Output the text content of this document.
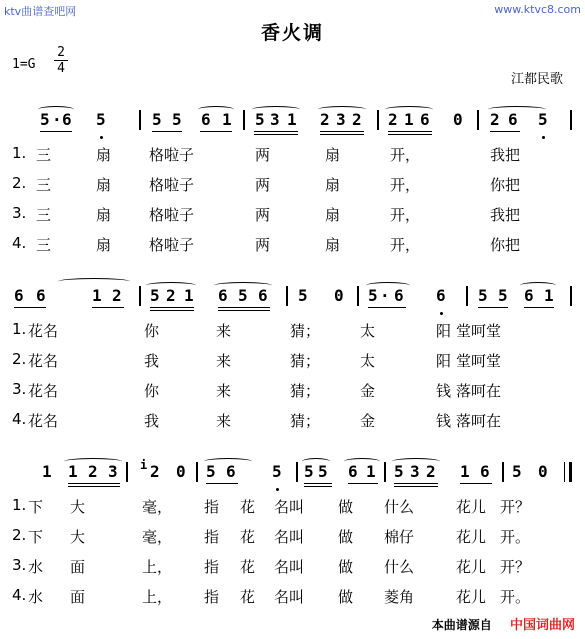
ktv曲谱查吧网	www.ktvc8.com
香火调
1=G
2
4
江都民歌
5 · 6 5	5 5 6 1 5 3 1 2 3 2 2 1 6 0 2 6 5
1. 三	扇	格啦子	两	扇	开，	我把
2. 三	扇	格啦子	两	扇	开，	你把
3. 三	扇	格啦子	两	扇	开，	我把
4. 三	扇	格啦子	两	扇	开，	你把
6 6	1 2 5 2 1 6 5 6 5 0 5 · 6 6 5 5 6 1
1. 花名	你	来	猜；	太	阳 堂呵堂
2. 花名	我	来	猜；	太	阳 堂呵堂
3. 花名	你	来	猜；	金	钱 落呵在
4. 花名	我	来	猜；	金	钱 落呵在
1 1 2 3 i 2 0 5 6 5 5 5 6 1 5 3 2 1 6 5 0
1. 下 大	毫， 指 花 名叫 做 什么	花儿 开？
2. 下 大	毫， 指 花 名叫 做 棉仔	花儿 开。
3. 水 面	上， 指 花 名叫 做 什么	花儿 开？
4. 水 面	上， 指 花 名叫 做 菱角	花儿 开。
本曲谱源自 中国词曲网
